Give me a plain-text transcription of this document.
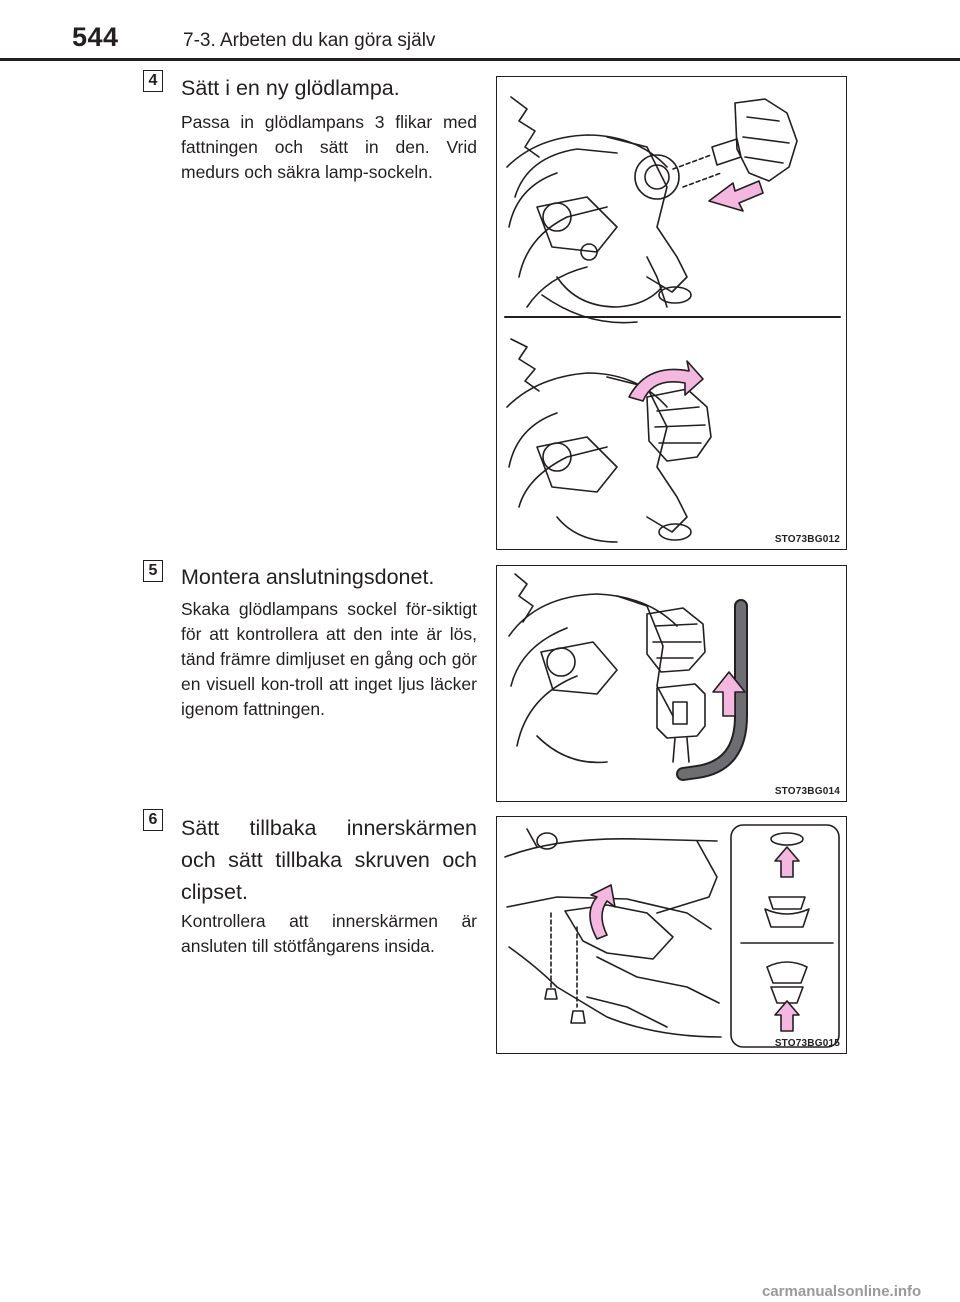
544	7-3. Arbeten du kan göra själv
4 Sätt i en ny glödlampa.
Passa in glödlampans 3 flikar med fattningen och sätt in den. Vrid medurs och säkra lamp-sockeln.
STO73BG012
5 Montera anslutningsdonet.
Skaka glödlampans sockel för-siktigt för att kontrollera att den inte är lös, tänd främre dimljuset en gång och gör en visuell kon-troll att inget ljus läcker igenom fattningen.
STO73BG014
6 Sätt tillbaka innerskärmen
och sätt tillbaka skruven och
clipset.
Kontrollera att innerskärmen är ansluten till stötfångarens insida.
STO73BG015
carmanualsonline.info
